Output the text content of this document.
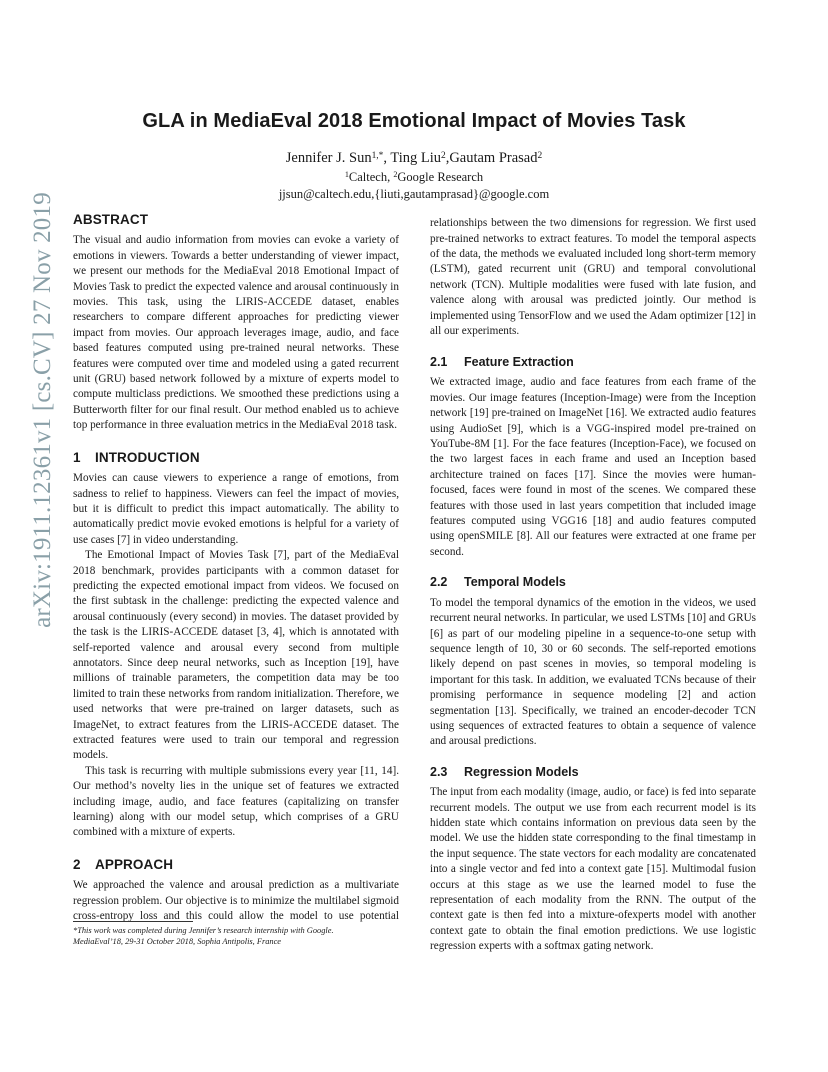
GLA in MediaEval 2018 Emotional Impact of Movies Task
Jennifer J. Sun$^{1,*}$, Ting Liu$^2$,Gautam Prasad$^2$
$^1$Caltech, $^2$Google Research
jjsun@caltech.edu,{liuti,gautamprasad}@google.com
arXiv:1911.12361v1 [cs.CV] 27 Nov 2019 ABSTRACT

The visual and audio information from movies can evoke a variety of emotions in viewers. Towards a better understanding of viewer impact, we present our methods for the MediaEval 2018 Emotional Impact of Movies Task to predict the expected valence and arousal continuously in movies. This task, using the LIRIS-ACCEDE dataset, enables researchers to compare different approaches for predicting viewer impact from movies. Our approach leverages image, audio, and face based features computed using pre-trained neural networks. These features were computed over time and modeled using a gated recurrent unit (GRU) based network followed by a mixture of experts model to compute multiclass predictions. We smoothed these predictions using a Butterworth filter for our final result. Our method enabled us to achieve top performance in three evaluation metrics in the MediaEval 2018 task.

1 INTRODUCTION

Movies can cause viewers to experience a range of emotions, from sadness to relief to happiness. Viewers can feel the impact of movies, but it is difficult to predict this impact automatically. The ability to automatically predict movie evoked emotions is helpful for a variety of use cases [7] in video understanding.

The Emotional Impact of Movies Task [7], part of the MediaEval 2018 benchmark, provides participants with a common dataset for predicting the expected emotional impact from videos. We focused on the first subtask in the challenge: predicting the expected valence and arousal continuously (every second) in movies. The dataset provided by the task is the LIRIS-ACCEDE dataset [3, 4], which is annotated with self-reported valence and arousal every second from multiple annotators. Since deep neural networks, such as Inception [19], have millions of trainable parameters, the competition data may be too limited to train these networks from random initialization. Therefore, we used networks that were pre-trained on larger datasets, such as ImageNet, to extract features from the LIRIS-ACCEDE dataset. The extracted features were used to train our temporal and regression models.

This task is recurring with multiple submissions every year [11, 14]. Our method’s novelty lies in the unique set of features we extracted including image, audio, and face features (capitalizing on transfer learning) along with our model setup, which comprises of a GRU combined with a mixture of experts.

2 APPROACH

We approached the valence and arousal prediction as a multivariate regression problem. Our objective is to minimize the multilabel sigmoid cross-entropy loss and this could allow the model to use potential

*This work was completed during Jennifer’s research internship with Google.
MediaEval’18, 29-31 October 2018, Sophia Antipolis, France

relationships between the two dimensions for regression. We first used pre-trained networks to extract features. To model the temporal aspects of the data, the methods we evaluated included long short-term memory (LSTM), gated recurrent unit (GRU) and temporal convolutional network (TCN). Multiple modalities were fused with late fusion, and valence along with arousal was predicted jointly. Our method is implemented using TensorFlow and we used the Adam optimizer [12] in all our experiments.

2.1 Feature Extraction

We extracted image, audio and face features from each frame of the movies. Our image features (Inception-Image) were from the Inception network [19] pre-trained on ImageNet [16]. We extracted audio features using AudioSet [9], which is a VGG-inspired model pre-trained on YouTube-8M [1]. For the face features (Inception-Face), we focused on the two largest faces in each frame and used an Inception based architecture trained on faces [17]. Since the movies were human-focused, faces were found in most of the scenes. We compared these features with those used in last years competition that included image features computed using VGG16 [18] and audio features computed using openSMILE [8]. All our features were extracted at one frame per second.

2.2 Temporal Models

To model the temporal dynamics of the emotion in the videos, we used recurrent neural networks. In particular, we used LSTMs [10] and GRUs [6] as part of our modeling pipeline in a sequence-to-one setup with sequence length of 10, 30 or 60 seconds. The self-reported emotions likely depend on past scenes in movies, so temporal modeling is important for this task. In addition, we evaluated TCNs because of their promising performance in sequence modeling [2] and action segmentation [13]. Specifically, we trained an encoder-decoder TCN using sequences of extracted features to obtain a sequence of valence and arousal predictions.

2.3 Regression Models

The input from each modality (image, audio, or face) is fed into separate recurrent models. The output we use from each recurrent model is its hidden state which contains information on previous data seen by the model. We use the hidden state corresponding to the final timestamp in the input sequence. The state vectors for each modality are concatenated into a single vector and fed into a context gate [15]. Multimodal fusion occurs at this stage as we use the learned model to fuse the representation of each modality from the RNN. The output of the context gate is then fed into a mixture-ofexperts model with another context gate to obtain the final emotion predictions. We use logistic regression experts with a softmax gating network.
